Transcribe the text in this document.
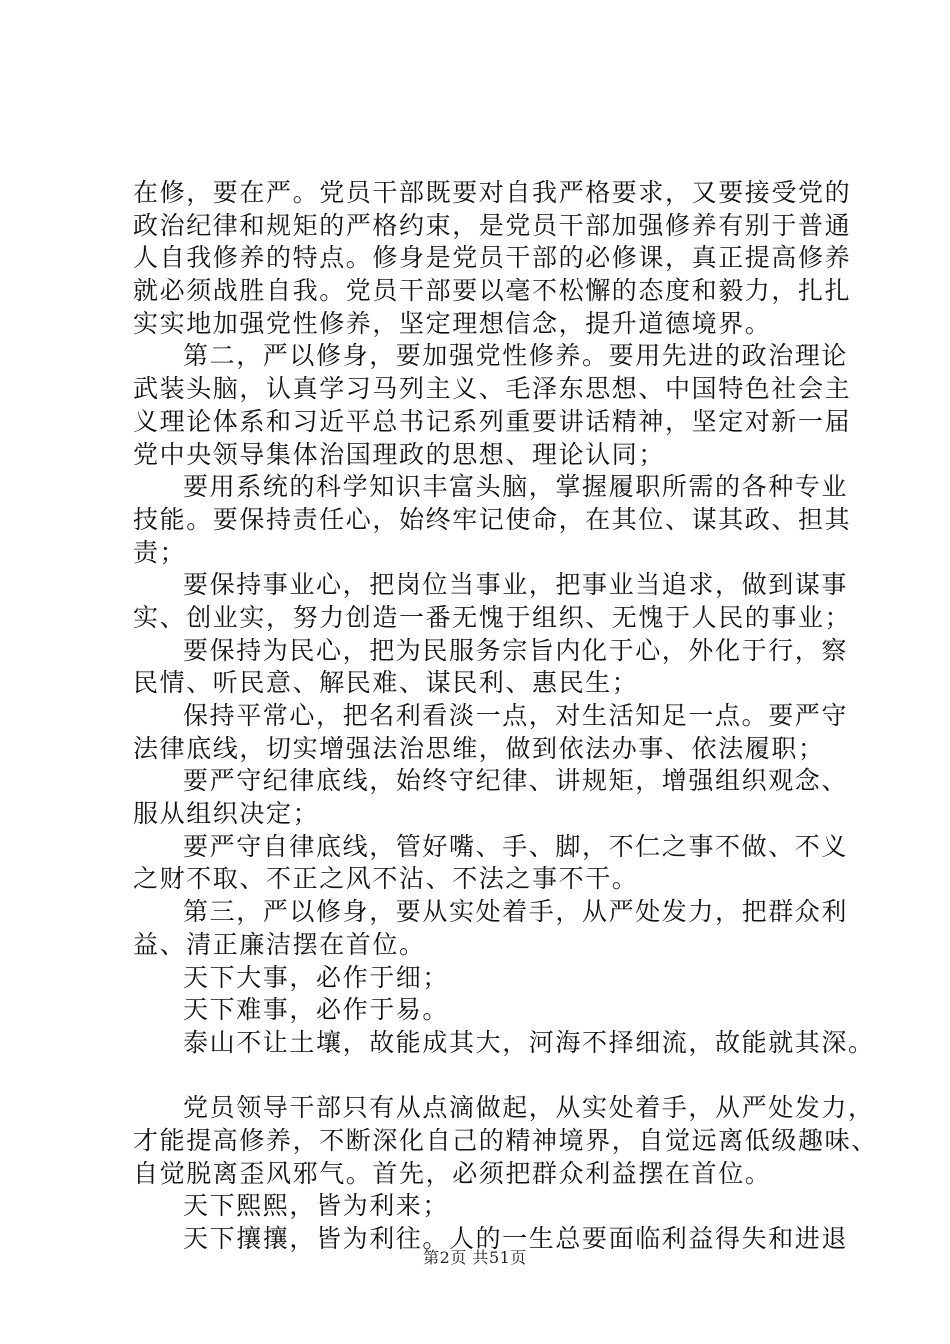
在修，要在严。党员干部既要对自我严格要求，又要接受党的
政治纪律和规矩的严格约束，是党员干部加强修养有别于普通
人自我修养的特点。修身是党员干部的必修课，真正提高修养
就必须战胜自我。党员干部要以毫不松懈的态度和毅力，扎扎
实实地加强党性修养，坚定理想信念，提升道德境界。
第二，严以修身，要加强党性修养。要用先进的政治理论
武装头脑，认真学习马列主义、毛泽东思想、中国特色社会主
义理论体系和习近平总书记系列重要讲话精神，坚定对新一届
党中央领导集体治国理政的思想、理论认同；
要用系统的科学知识丰富头脑，掌握履职所需的各种专业
技能。要保持责任心，始终牢记使命，在其位、谋其政、担其
责；
要保持事业心，把岗位当事业，把事业当追求，做到谋事
实、创业实，努力创造一番无愧于组织、无愧于人民的事业；
要保持为民心，把为民服务宗旨内化于心，外化于行，察
民情、听民意、解民难、谋民利、惠民生；
保持平常心，把名利看淡一点，对生活知足一点。要严守
法律底线，切实增强法治思维，做到依法办事、依法履职；
要严守纪律底线，始终守纪律、讲规矩，增强组织观念、
服从组织决定；
要严守自律底线，管好嘴、手、脚，不仁之事不做、不义
之财不取、不正之风不沾、不法之事不干。
第三，严以修身，要从实处着手，从严处发力，把群众利
益、清正廉洁摆在首位。
天下大事，必作于细；
天下难事，必作于易。
泰山不让土壤，故能成其大，河海不择细流，故能就其深。
党员领导干部只有从点滴做起，从实处着手，从严处发力，
才能提高修养，不断深化自己的精神境界，自觉远离低级趣味、
自觉脱离歪风邪气。首先，必须把群众利益摆在首位。
天下熙熙，皆为利来；
天下攘攘，皆为利往。人的一生总要面临利益得失和进退
第2页 共51页
